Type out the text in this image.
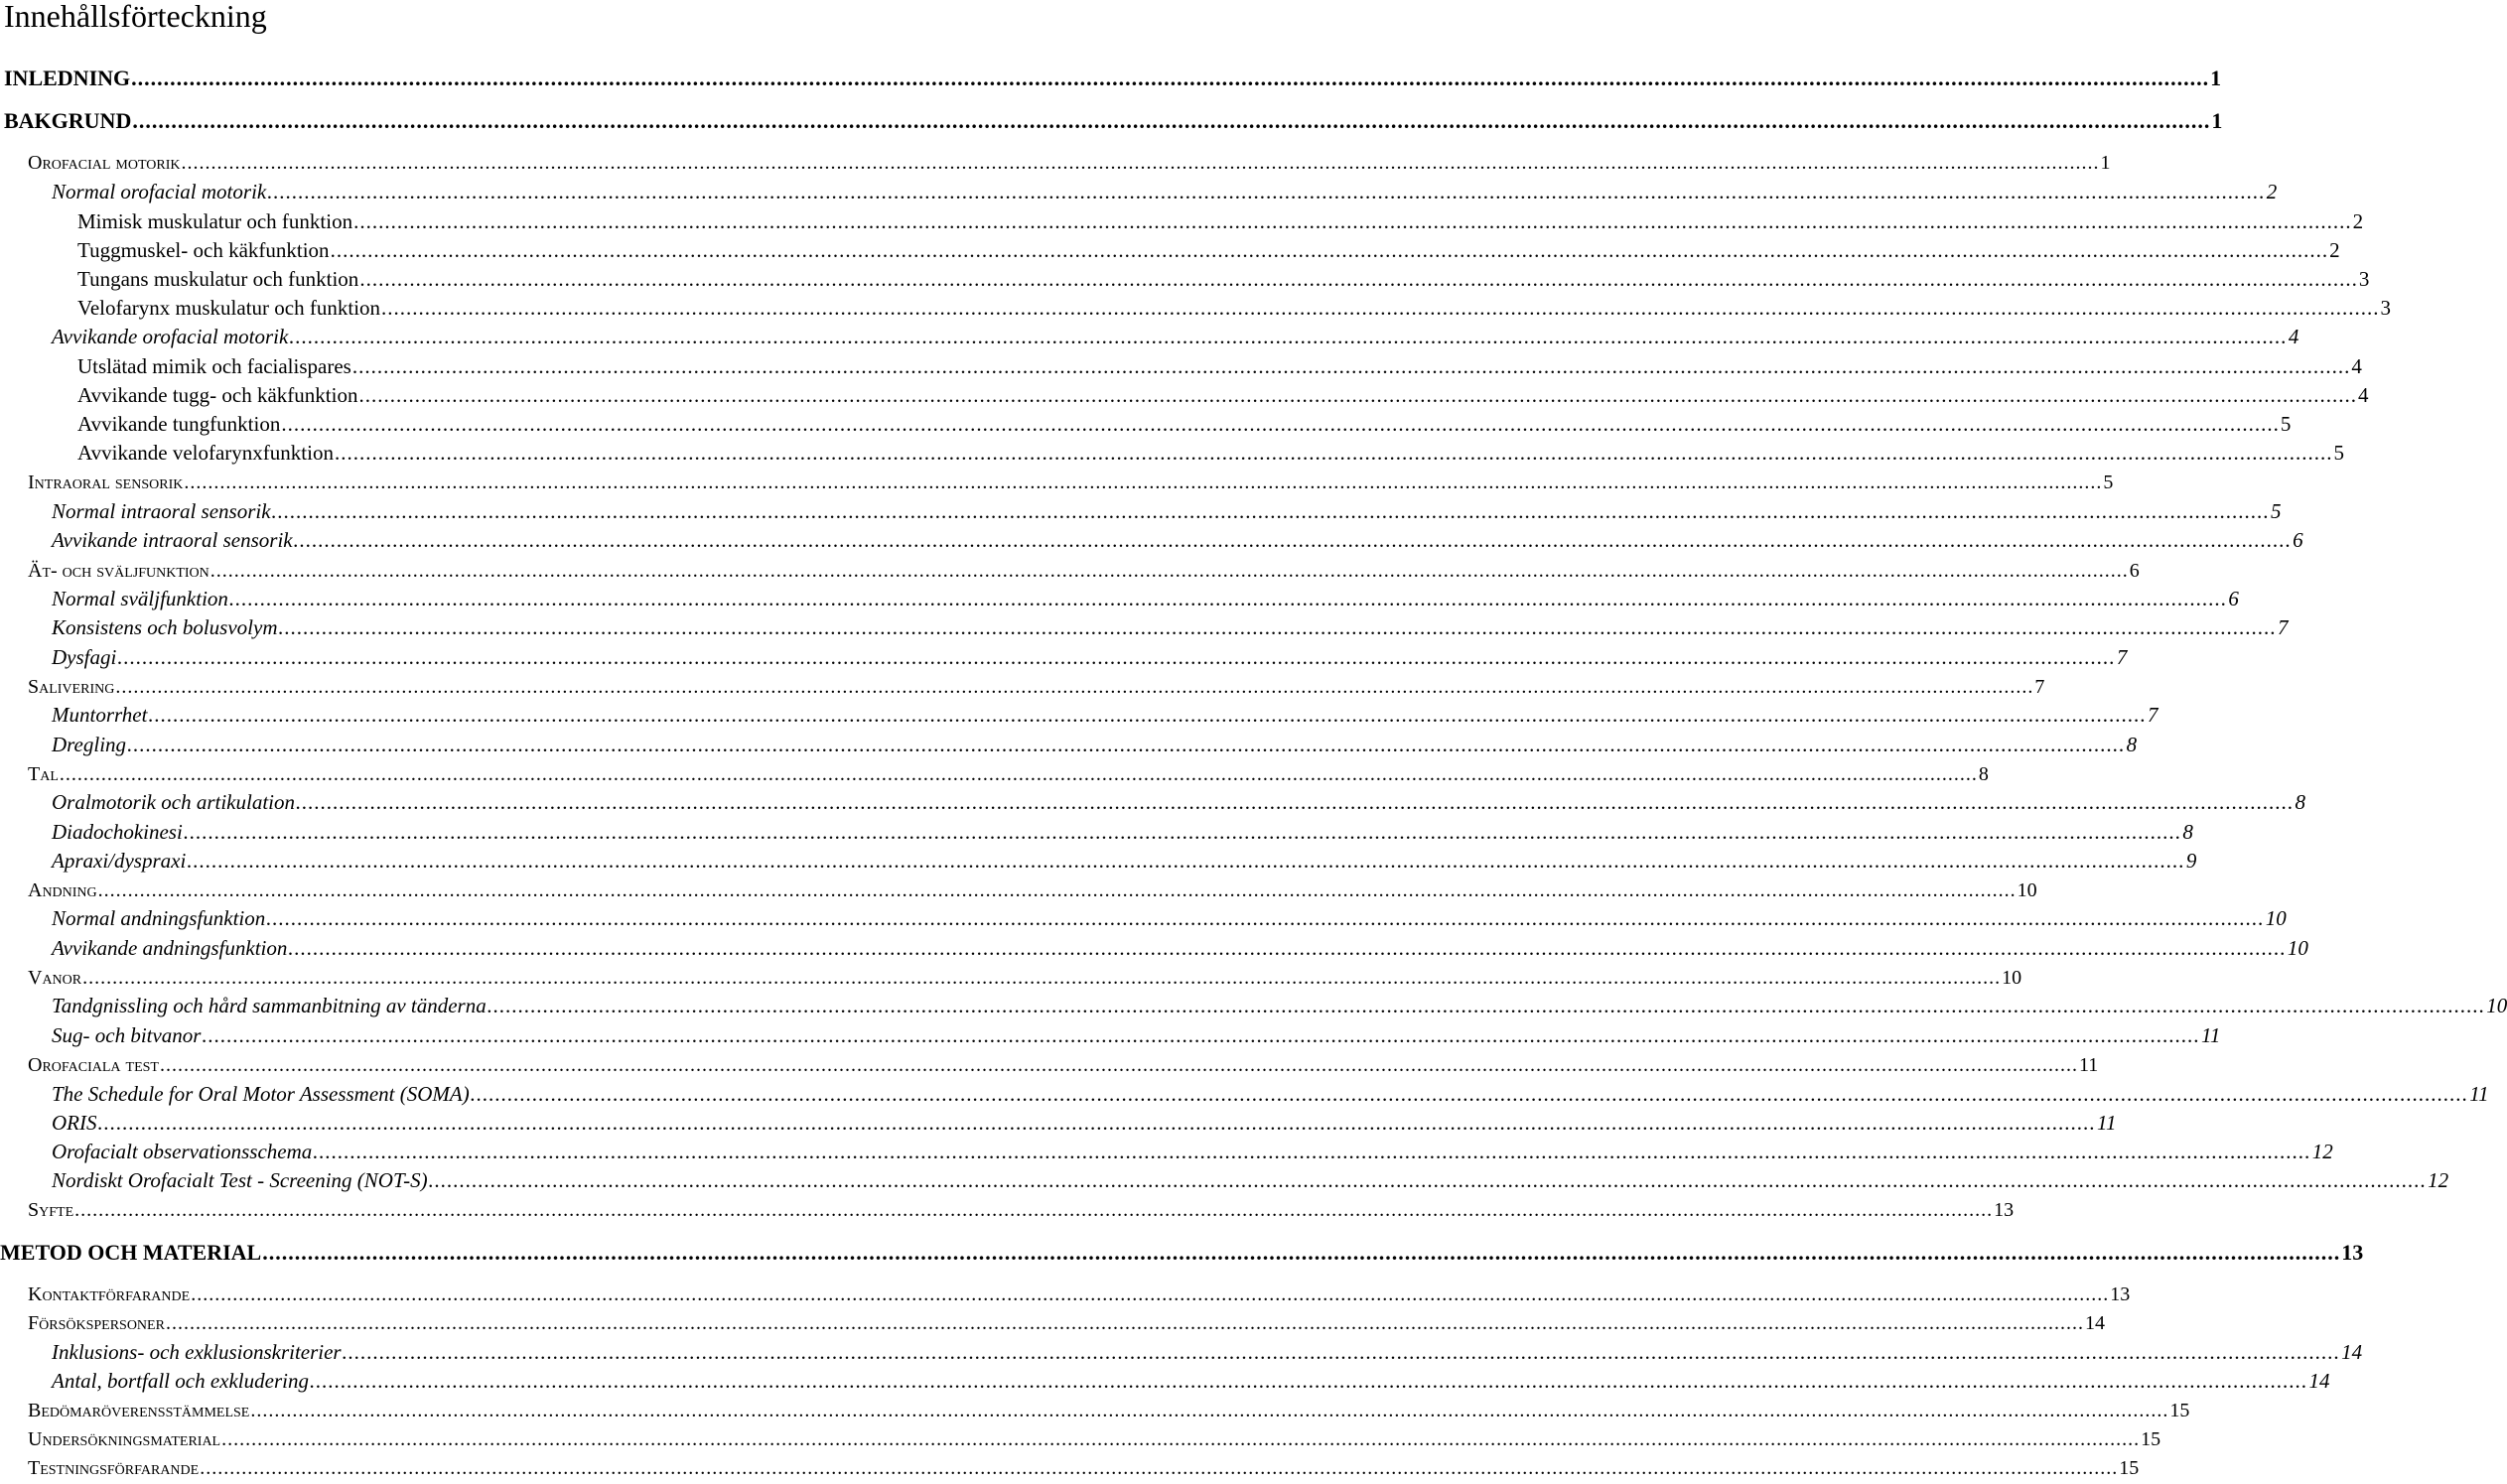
Innehållsförteckning
INLEDNING .....	1
BAKGRUND .....	1
Orofacial motorik .....	1
Normal orofacial motorik .....	2
Mimisk muskulatur och funktion .....	2
Tuggmuskel- och käkfunktion .....	2
Tungans muskulatur och funktion .....	3
Velofarynx muskulatur och funktion .....	3
Avvikande orofacial motorik .....	4
Utslätad mimik och facialispares .....	4
Avvikande tugg- och käkfunktion .....	4
Avvikande tungfunktion .....	5
Avvikande velofarynxfunktion .....	5
Intraoral sensorik .....	5
Normal intraoral sensorik .....	5
Avvikande intraoral sensorik .....	6
Ät- och sväljfunktion .....	6
Normal sväljfunktion .....	6
Konsistens och bolusvolym .....	7
Dysfagi .....	7
Salivering .....	7
Muntorrhet .....	7
Dregling .....	8
Tal .....	8
Oralmotorik och artikulation .....	8
Diadochokinesi .....	8
Apraxi/dyspraxi .....	9
Andning .....	10
Normal andningsfunktion .....	10
Avvikande andningsfunktion .....	10
Vanor .....	10
Tandgnissling och hård sammanbitning av tänderna .....	10
Sug- och bitvanor .....	11
Orofaciala test .....	11
The Schedule for Oral Motor Assessment (SOMA) .....	11
ORIS .....	11
Orofacialt observationsschema .....	12
Nordiskt Orofacialt Test - Screening (NOT-S) .....	12
Syfte .....	13
METOD OCH MATERIAL .....	13
Kontaktförfarande .....	13
Försökspersoner .....	14
Inklusions- och exklusionskriterier .....	14
Antal, bortfall och exkludering .....	14
Bedömaröverensstämmelse .....	15
Undersökningsmaterial .....	15
Testningsförfarande .....	15
